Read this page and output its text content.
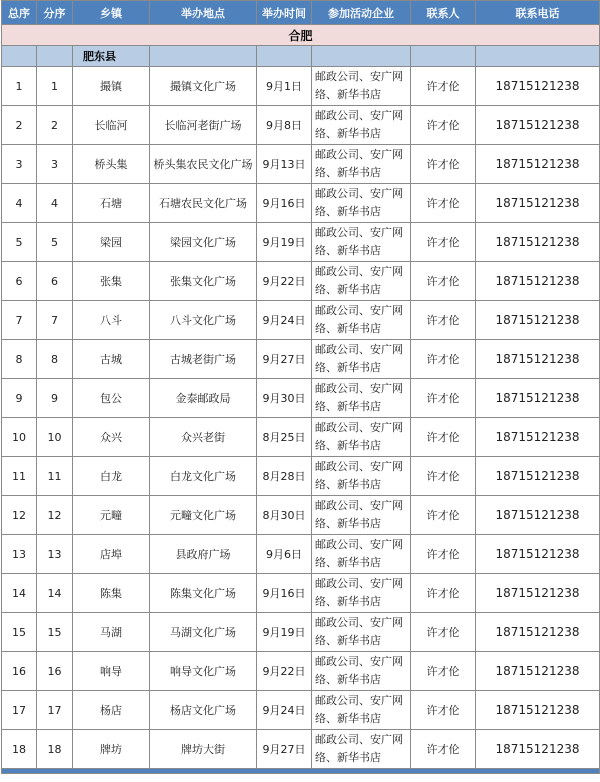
总序	分序	乡镇	举办地点	举办时间	参加活动企业	联系人	联系电话
合肥							
		肥东县					
1	1	撮镇	撮镇文化广场	9月1日	邮政公司、安广网络、新华书店	许才伦	18715121238
2	2	长临河	长临河老街广场	9月8日	邮政公司、安广网络、新华书店	许才伦	18715121238
3	3	桥头集	桥头集农民文化广场	9月13日	邮政公司、安广网络、新华书店	许才伦	18715121238
4	4	石塘	石塘农民文化广场	9月16日	邮政公司、安广网络、新华书店	许才伦	18715121238
5	5	梁园	梁园文化广场	9月19日	邮政公司、安广网络、新华书店	许才伦	18715121238
6	6	张集	张集文化广场	9月22日	邮政公司、安广网络、新华书店	许才伦	18715121238
7	7	八斗	八斗文化广场	9月24日	邮政公司、安广网络、新华书店	许才伦	18715121238
8	8	古城	古城老街广场	9月27日	邮政公司、安广网络、新华书店	许才伦	18715121238
9	9	包公	金泰邮政局	9月30日	邮政公司、安广网络、新华书店	许才伦	18715121238
10	10	众兴	众兴老街	8月25日	邮政公司、安广网络、新华书店	许才伦	18715121238
11	11	白龙	白龙文化广场	8月28日	邮政公司、安广网络、新华书店	许才伦	18715121238
12	12	元疃	元疃文化广场	8月30日	邮政公司、安广网络、新华书店	许才伦	18715121238
13	13	店埠	县政府广场	9月6日	邮政公司、安广网络、新华书店	许才伦	18715121238
14	14	陈集	陈集文化广场	9月16日	邮政公司、安广网络、新华书店	许才伦	18715121238
15	15	马湖	马湖文化广场	9月19日	邮政公司、安广网络、新华书店	许才伦	18715121238
16	16	响导	响导文化广场	9月22日	邮政公司、安广网络、新华书店	许才伦	18715121238
17	17	杨店	杨店文化广场	9月24日	邮政公司、安广网络、新华书店	许才伦	18715121238
18	18	牌坊	牌坊大街	9月27日	邮政公司、安广网络、新华书店	许才伦	18715121238
